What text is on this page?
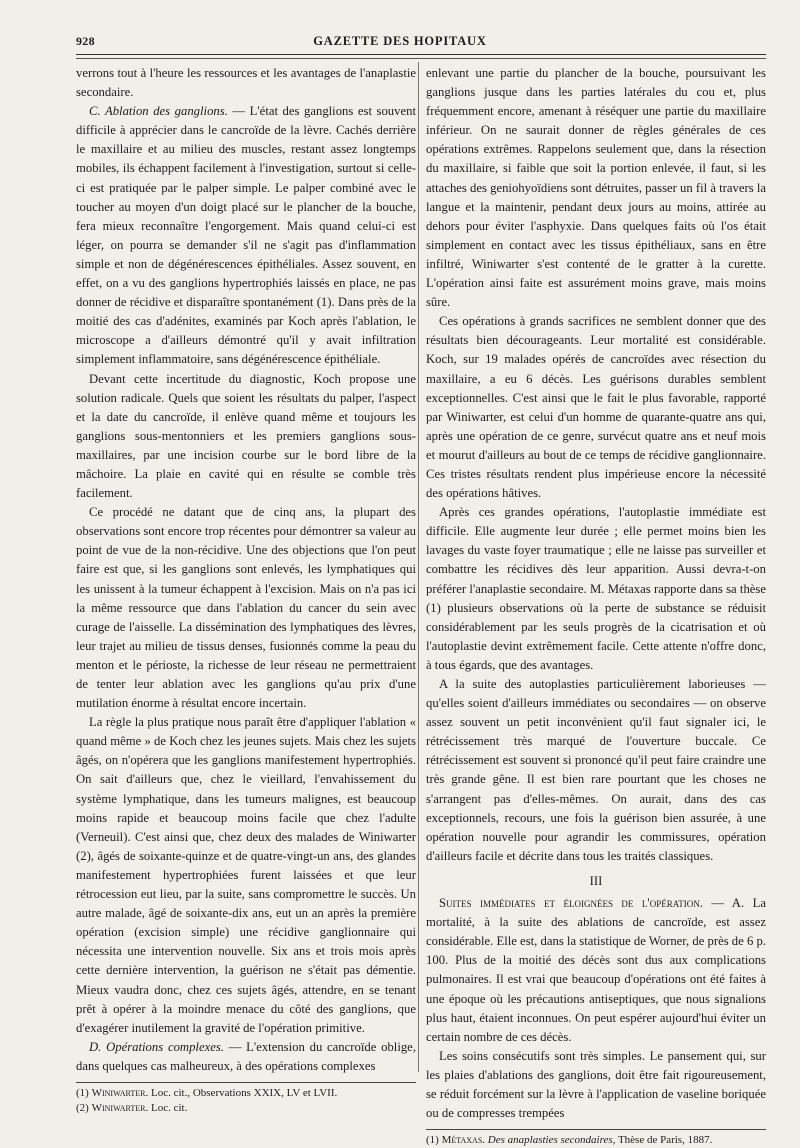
928	GAZETTE DES HOPITAUX

verrons tout à l'heure les ressources et les avantages de l'anaplastie secondaire.

C. Ablation des ganglions. — L'état des ganglions est souvent difficile à apprécier dans le cancroïde de la lèvre. Cachés derrière le maxillaire et au milieu des muscles, restant assez longtemps mobiles, ils échappent facilement à l'investigation, surtout si celle-ci est pratiquée par le palper simple. Le palper combiné avec le toucher au moyen d'un doigt placé sur le plancher de la bouche, fera mieux reconnaître l'engorgement. Mais quand celui-ci est léger, on pourra se demander s'il ne s'agit pas d'inflammation simple et non de dégénérescences épithéliales. Assez souvent, en effet, on a vu des ganglions hypertrophiés laissés en place, ne pas donner de récidive et disparaître spontanément (1). Dans près de la moitié des cas d'adénites, examinés par Koch après l'ablation, le microscope a d'ailleurs démontré qu'il y avait infiltration simplement inflammatoire, sans dégénérescence épithéliale.

Devant cette incertitude du diagnostic, Koch propose une solution radicale. Quels que soient les résultats du palper, l'aspect et la date du cancroïde, il enlève quand même et toujours les ganglions sous-mentonniers et les premiers ganglions sous-maxillaires, par une incision courbe sur le bord libre de la mâchoire. La plaie en cavité qui en résulte se comble très facilement.

Ce procédé ne datant que de cinq ans, la plupart des observations sont encore trop récentes pour démontrer sa valeur au point de vue de la non-récidive. Une des objections que l'on peut faire est que, si les ganglions sont enlevés, les lymphatiques qui les unissent à la tumeur échappent à l'excision. Mais on n'a pas ici la même ressource que dans l'ablation du cancer du sein avec curage de l'aisselle. La dissémination des lymphatiques des lèvres, leur trajet au milieu de tissus denses, fusionnés comme la peau du menton et le périoste, la richesse de leur réseau ne permettraient de tenter leur ablation avec les ganglions qu'au prix d'une mutilation énorme à résultat encore incertain.

La règle la plus pratique nous paraît être d'appliquer l'ablation « quand même » de Koch chez les jeunes sujets. Mais chez les sujets âgés, on n'opérera que les ganglions manifestement hypertrophiés. On sait d'ailleurs que, chez le vieillard, l'envahissement du système lymphatique, dans les tumeurs malignes, est beaucoup moins rapide et beaucoup moins facile que chez l'adulte (Verneuil). C'est ainsi que, chez deux des malades de Winiwarter (2), âgés de soixante-quinze et de quatre-vingt-un ans, des glandes manifestement hypertrophiées furent laissées et que leur rétrocession eut lieu, par la suite, sans compromettre le succès. Un autre malade, âgé de soixante-dix ans, eut un an après la première opération (excision simple) une récidive ganglionnaire qui nécessita une intervention nouvelle. Six ans et trois mois après cette dernière intervention, la guérison ne s'était pas démentie. Mieux vaudra donc, chez ces sujets âgés, attendre, en se tenant prêt à opérer à la moindre menace du côté des ganglions, que d'exagérer inutilement la gravité de l'opération primitive.

D. Opérations complexes. — L'extension du cancroïde oblige, dans quelques cas malheureux, à des opérations complexes

(1) Winiwarter. Loc. cit., Observations XXIX, LV et LVII.

(2) Winiwarter. Loc. cit.

enlevant une partie du plancher de la bouche, poursuivant les ganglions jusque dans les parties latérales du cou et, plus fréquemment encore, amenant à réséquer une partie du maxillaire inférieur. On ne saurait donner de règles générales de ces opérations extrêmes. Rappelons seulement que, dans la résection du maxillaire, si faible que soit la portion enlevée, il faut, si les attaches des geniohyoïdiens sont détruites, passer un fil à travers la langue et la maintenir, pendant deux jours au moins, attirée au dehors pour éviter l'asphyxie. Dans quelques faits où l'os était simplement en contact avec les tissus épithéliaux, sans en être infiltré, Winiwarter s'est contenté de le gratter à la curette. L'opération ainsi faite est assurément moins grave, mais moins sûre.

Ces opérations à grands sacrifices ne semblent donner que des résultats bien décourageants. Leur mortalité est considérable. Koch, sur 19 malades opérés de cancroïdes avec résection du maxillaire, a eu 6 décès. Les guérisons durables semblent exceptionnelles. C'est ainsi que le fait le plus favorable, rapporté par Winiwarter, est celui d'un homme de quarante-quatre ans qui, après une opération de ce genre, survécut quatre ans et neuf mois et mourut d'ailleurs au bout de ce temps de récidive ganglionnaire. Ces tristes résultats rendent plus impérieuse encore la nécessité des opérations hâtives.

Après ces grandes opérations, l'autoplastie immédiate est difficile. Elle augmente leur durée ; elle permet moins bien les lavages du vaste foyer traumatique ; elle ne laisse pas surveiller et combattre les récidives dès leur apparition. Aussi devra-t-on préférer l'anaplastie secondaire. M. Métaxas rapporte dans sa thèse (1) plusieurs observations où la perte de substance se réduisit considérablement par les seuls progrès de la cicatrisation et où l'autoplastie devint extrêmement facile. Cette attente n'offre donc, à tous égards, que des avantages.

A la suite des autoplasties particulièrement laborieuses — qu'elles soient d'ailleurs immédiates ou secondaires — on observe assez souvent un petit inconvénient qu'il faut signaler ici, le rétrécissement très marqué de l'ouverture buccale. Ce rétrécissement est souvent si prononcé qu'il peut faire craindre une très grande gêne. Il est bien rare pourtant que les choses ne s'arrangent pas d'elles-mêmes. On aurait, dans des cas exceptionnels, recours, une fois la guérison bien assurée, à une opération nouvelle pour agrandir les commissures, opération d'ailleurs facile et décrite dans tous les traités classiques.

III

Suites immédiates et éloignées de l'opération. — A. La mortalité, à la suite des ablations de cancroïde, est assez considérable. Elle est, dans la statistique de Worner, de près de 6 p. 100. Plus de la moitié des décès sont dus aux complications pulmonaires. Il est vrai que beaucoup d'opérations ont été faites à une époque où les précautions antiseptiques, que nous signalions plus haut, étaient inconnues. On peut espérer aujourd'hui éviter un certain nombre de ces décès.

Les soins consécutifs sont très simples. Le pansement qui, sur les plaies d'ablations des ganglions, doit être fait rigoureusement, se réduit forcément sur la lèvre à l'application de vaseline boriquée ou de compresses trempées

(1) Métaxas. Des anaplasties secondaires, Thèse de Paris, 1887.
